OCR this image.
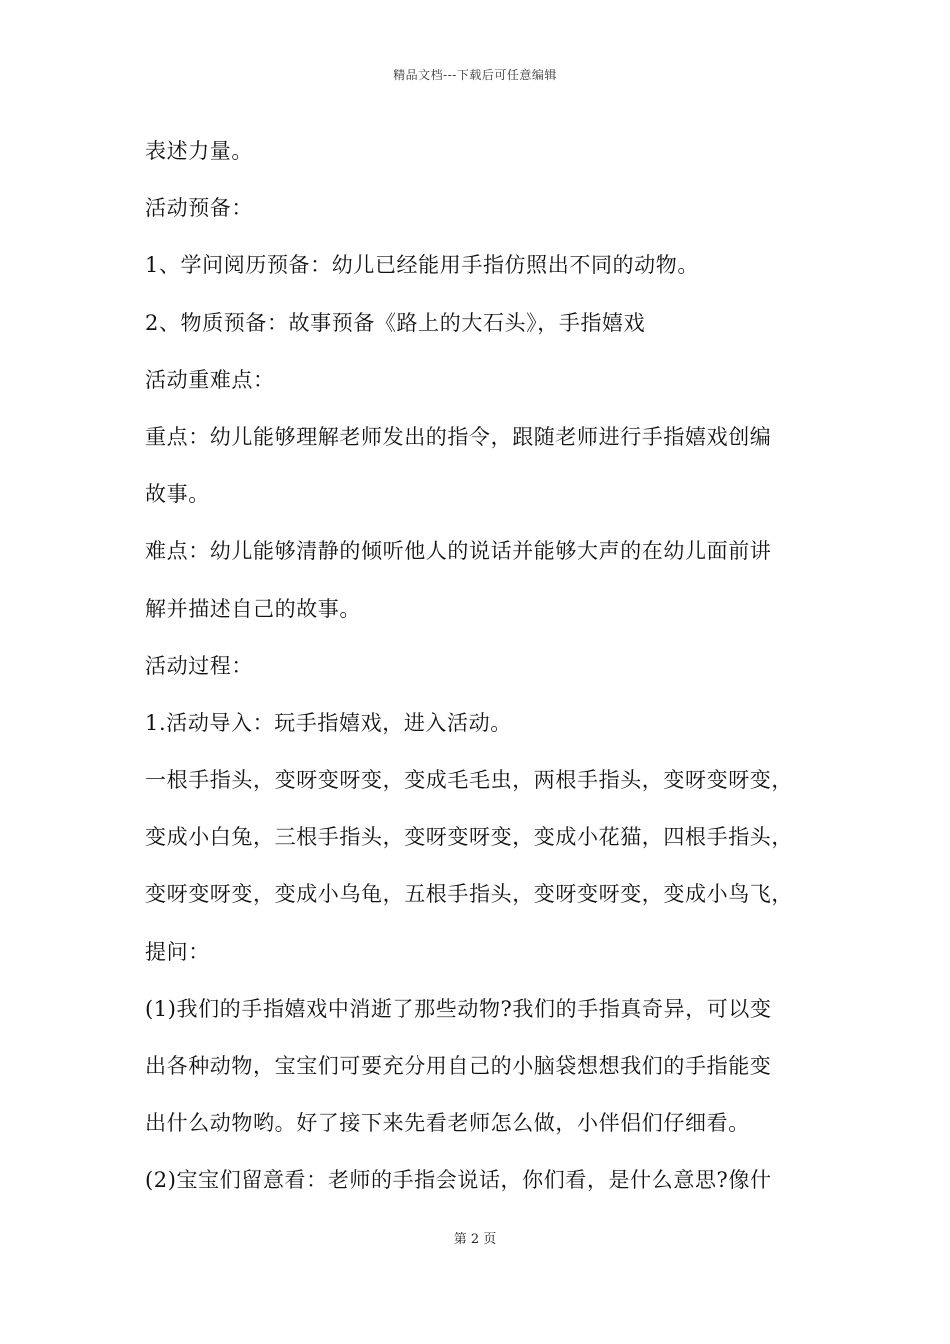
精品文档---下载后可任意编辑

表述力量。

活动预备：

1、学问阅历预备：幼儿已经能用手指仿照出不同的动物。

2、物质预备：故事预备《路上的大石头》，手指嬉戏

活动重难点：

重点：幼儿能够理解老师发出的指令，跟随老师进行手指嬉戏创编

故事。

难点：幼儿能够清静的倾听他人的说话并能够大声的在幼儿面前讲

解并描述自己的故事。

活动过程：

1.活动导入：玩手指嬉戏，进入活动。

一根手指头，变呀变呀变，变成毛毛虫，两根手指头，变呀变呀变，

变成小白兔，三根手指头，变呀变呀变，变成小花猫，四根手指头，

变呀变呀变，变成小乌龟，五根手指头，变呀变呀变，变成小鸟飞，

提问：

(1)我们的手指嬉戏中消逝了那些动物?我们的手指真奇异，可以变

出各种动物，宝宝们可要充分用自己的小脑袋想想我们的手指能变

出什么动物哟。好了接下来先看老师怎么做，小伴侣们仔细看。

(2)宝宝们留意看：老师的手指会说话，你们看，是什么意思?像什

第 2 页
